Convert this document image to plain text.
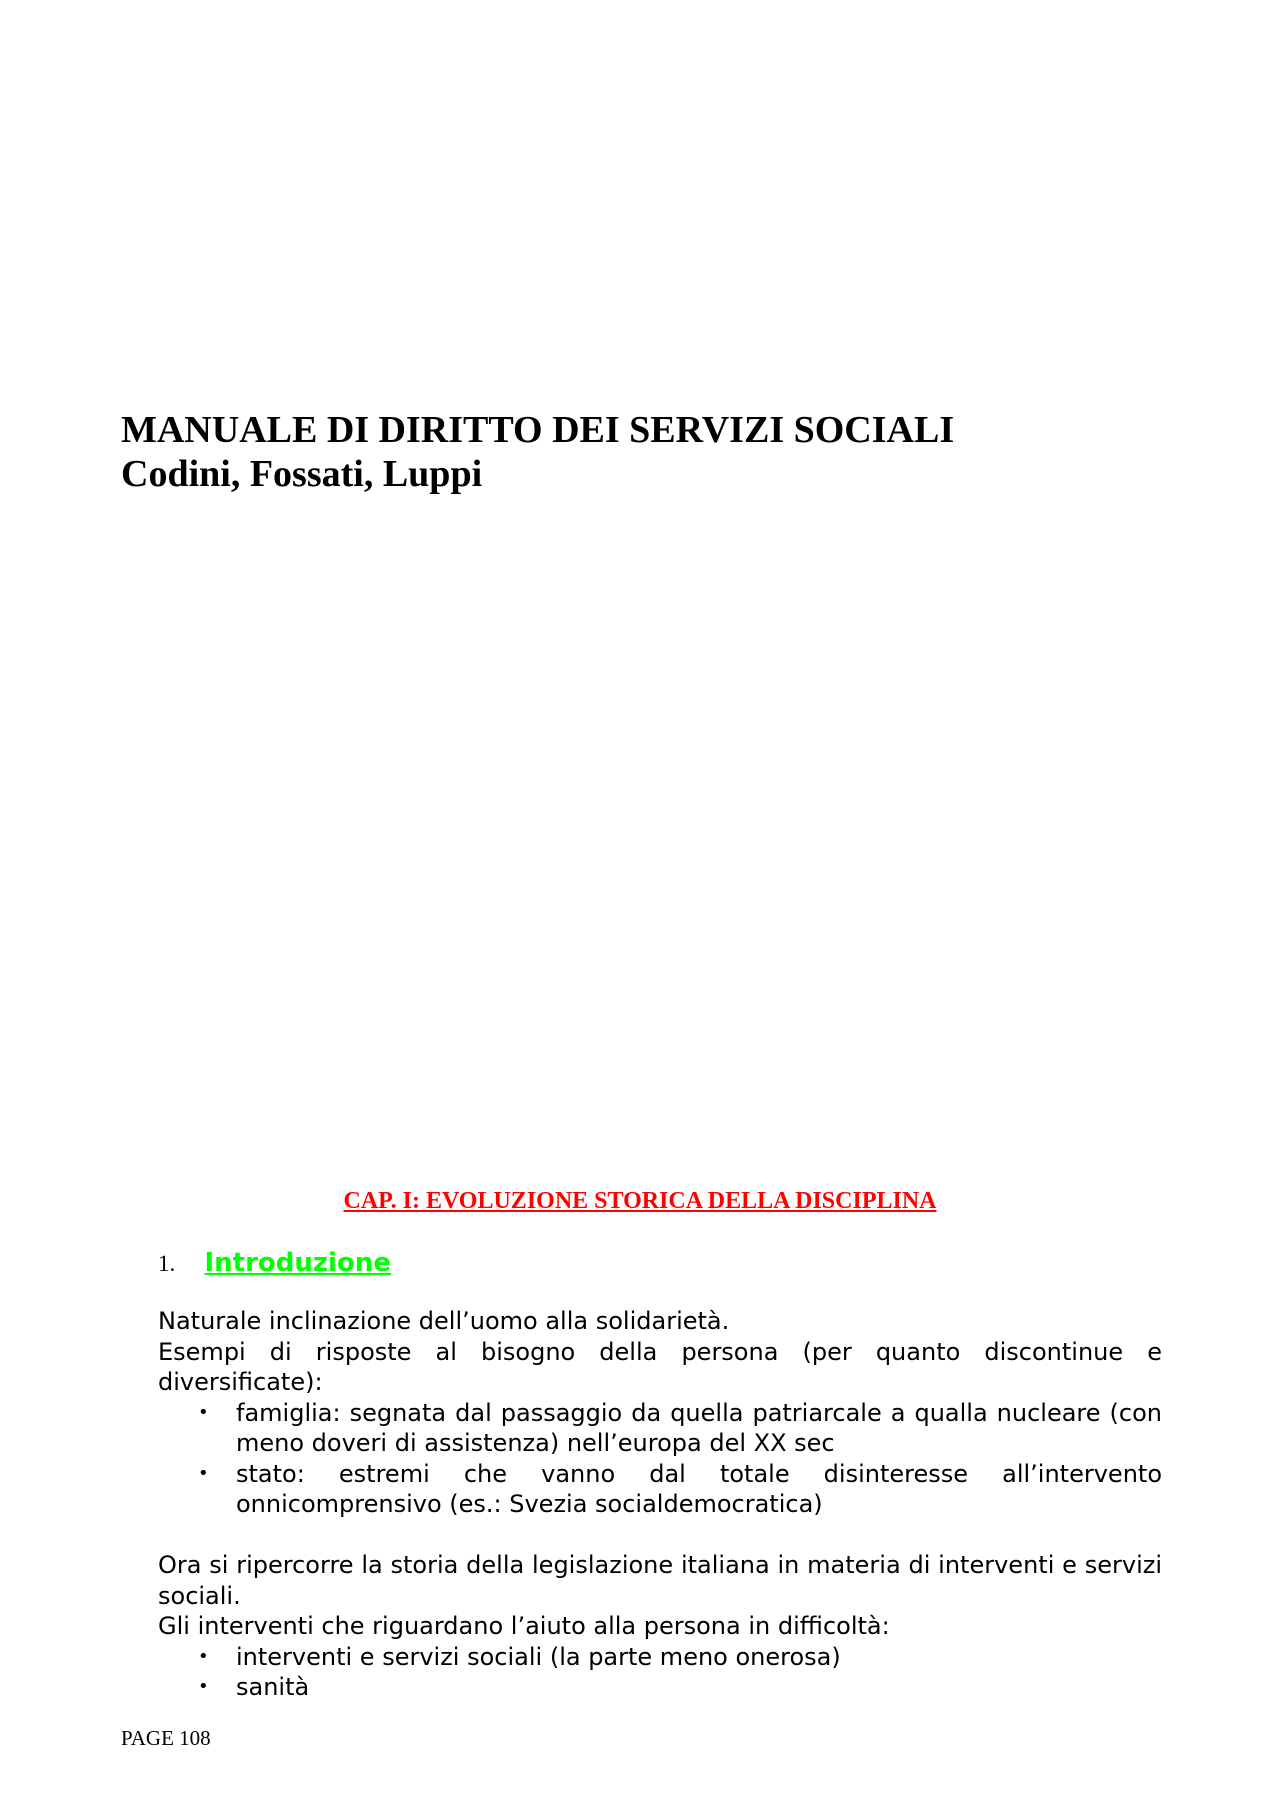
MANUALE DI DIRITTO DEI SERVIZI SOCIALI
Codini, Fossati, Luppi
CAP. I: EVOLUZIONE STORICA DELLA DISCIPLINA
1. Introduzione

Naturale inclinazione dell’uomo alla solidarietà.

Esempi di risposte al bisogno della persona (per quanto discontinue e diversificate):

• famiglia: segnata dal passaggio da quella patriarcale a qualla nucleare (con meno doveri di assistenza) nell’europa del XX sec
• stato: estremi che vanno dal totale disinteresse all’intervento onnicomprensivo (es.: Svezia socialdemocratica)

Ora si ripercorre la storia della legislazione italiana in materia di interventi e servizi sociali.

Gli interventi che riguardano l’aiuto alla persona in difficoltà:

• interventi e servizi sociali (la parte meno onerosa)
• sanità
PAGE 108
